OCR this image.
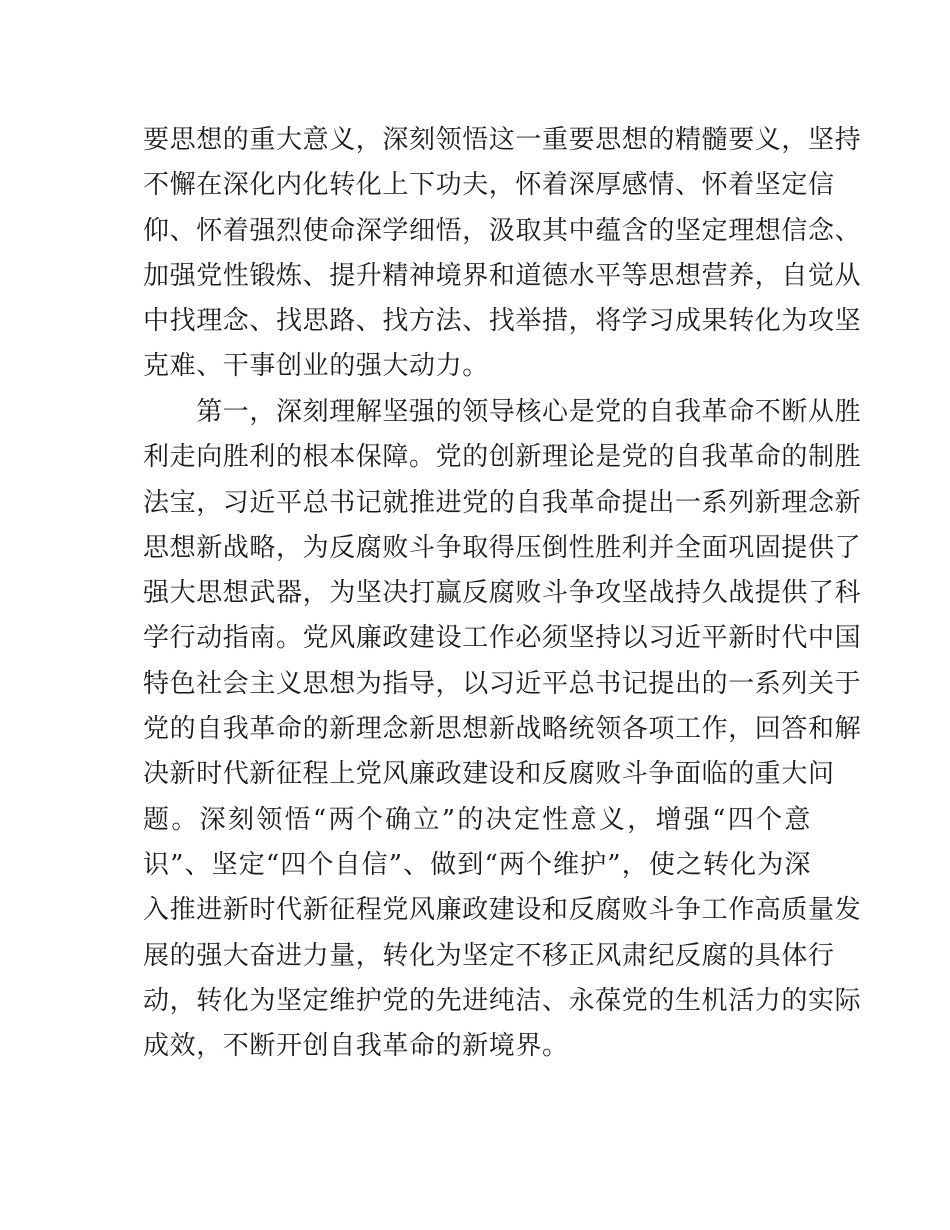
要思想的重大意义，深刻领悟这一重要思想的精髓要义，坚持
不懈在深化内化转化上下功夫，怀着深厚感情、怀着坚定信
仰、怀着强烈使命深学细悟，汲取其中蕴含的坚定理想信念、
加强党性锻炼、提升精神境界和道德水平等思想营养，自觉从
中找理念、找思路、找方法、找举措，将学习成果转化为攻坚
克难、干事创业的强大动力。
　　第一，深刻理解坚强的领导核心是党的自我革命不断从胜
利走向胜利的根本保障。党的创新理论是党的自我革命的制胜
法宝，习近平总书记就推进党的自我革命提出一系列新理念新
思想新战略，为反腐败斗争取得压倒性胜利并全面巩固提供了
强大思想武器，为坚决打赢反腐败斗争攻坚战持久战提供了科
学行动指南。党风廉政建设工作必须坚持以习近平新时代中国
特色社会主义思想为指导，以习近平总书记提出的一系列关于
党的自我革命的新理念新思想新战略统领各项工作，回答和解
决新时代新征程上党风廉政建设和反腐败斗争面临的重大问
题。深刻领悟“两个确立”的决定性意义，增强“四个意
识”、坚定“四个自信”、做到“两个维护”，使之转化为深
入推进新时代新征程党风廉政建设和反腐败斗争工作高质量发
展的强大奋进力量，转化为坚定不移正风肃纪反腐的具体行
动，转化为坚定维护党的先进纯洁、永葆党的生机活力的实际
成效，不断开创自我革命的新境界。
